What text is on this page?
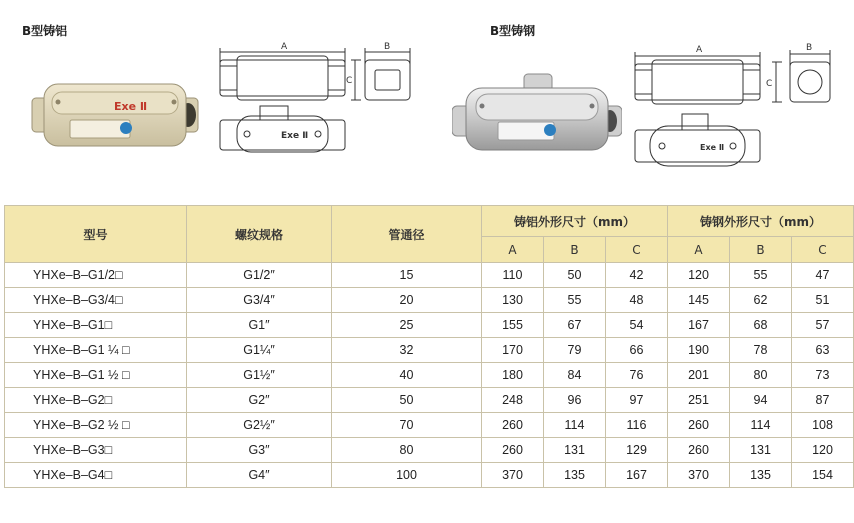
B型铸铝	B型铸钢
Exe Ⅱ
A	B
C
Exe Ⅱ
A	B
C
Exe Ⅱ
型号	螺纹规格	管通径	铸铝外形尺寸（mm）			铸钢外形尺寸（mm）		
			A	B	C	A	B	C
YHXe–B–G1/2□	G1/2″	15	110	50	42	120	55	47
YHXe–B–G3/4□	G3/4″	20	130	55	48	145	62	51
YHXe–B–G1□	G1″	25	155	67	54	167	68	57
YHXe–B–G1 ¼ □	G1¼″	32	170	79	66	190	78	63
YHXe–B–G1 ½ □	G1½″	40	180	84	76	201	80	73
YHXe–B–G2□	G2″	50	248	96	97	251	94	87
YHXe–B–G2 ½ □	G2½″	70	260	114	116	260	114	108
YHXe–B–G3□	G3″	80	260	131	129	260	131	120
YHXe–B–G4□	G4″	100	370	135	167	370	135	154
